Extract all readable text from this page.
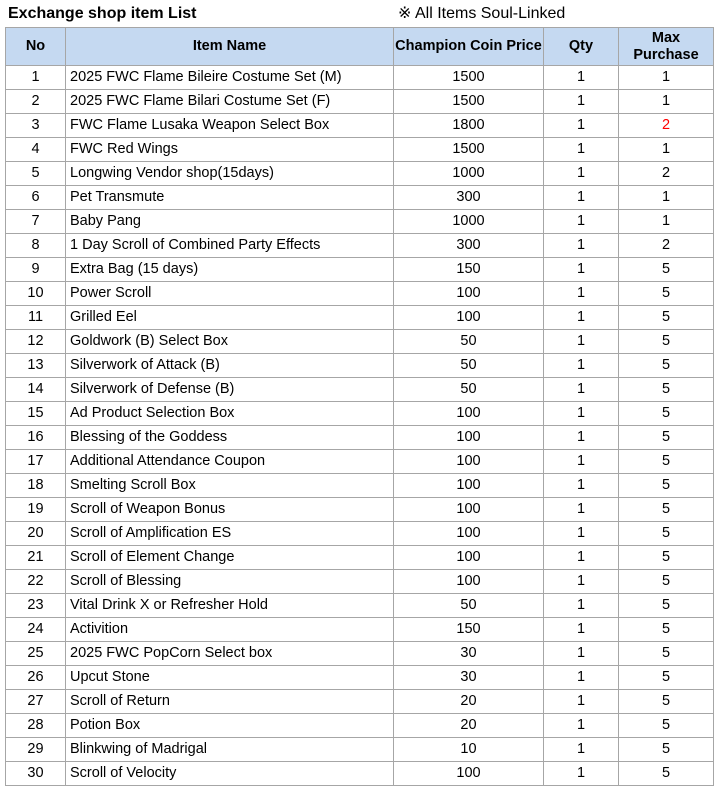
Exchange shop item List	※ All Items Soul-Linked
No	Item Name	Champion Coin Price	Qty	Max Purchase
1	2025 FWC Flame Bileire Costume Set (M)	1500	1	1
2	2025 FWC Flame Bilari Costume Set (F)	1500	1	1
3	FWC Flame Lusaka Weapon Select Box	1800	1	2
4	FWC Red Wings	1500	1	1
5	Longwing Vendor shop(15days)	1000	1	2
6	Pet Transmute	300	1	1
7	Baby Pang	1000	1	1
8	1 Day Scroll of Combined Party Effects	300	1	2
9	Extra Bag (15 days)	150	1	5
10	Power Scroll	100	1	5
11	Grilled Eel	100	1	5
12	Goldwork (B) Select Box	50	1	5
13	Silverwork of Attack (B)	50	1	5
14	Silverwork of Defense (B)	50	1	5
15	Ad Product Selection Box	100	1	5
16	Blessing of the Goddess	100	1	5
17	Additional Attendance Coupon	100	1	5
18	Smelting Scroll Box	100	1	5
19	Scroll of Weapon Bonus	100	1	5
20	Scroll of Amplification ES	100	1	5
21	Scroll of Element Change	100	1	5
22	Scroll of Blessing	100	1	5
23	Vital Drink X or Refresher Hold	50	1	5
24	Activition	150	1	5
25	2025 FWC PopCorn Select box	30	1	5
26	Upcut Stone	30	1	5
27	Scroll of Return	20	1	5
28	Potion Box	20	1	5
29	Blinkwing of Madrigal	10	1	5
30	Scroll of Velocity	100	1	5
